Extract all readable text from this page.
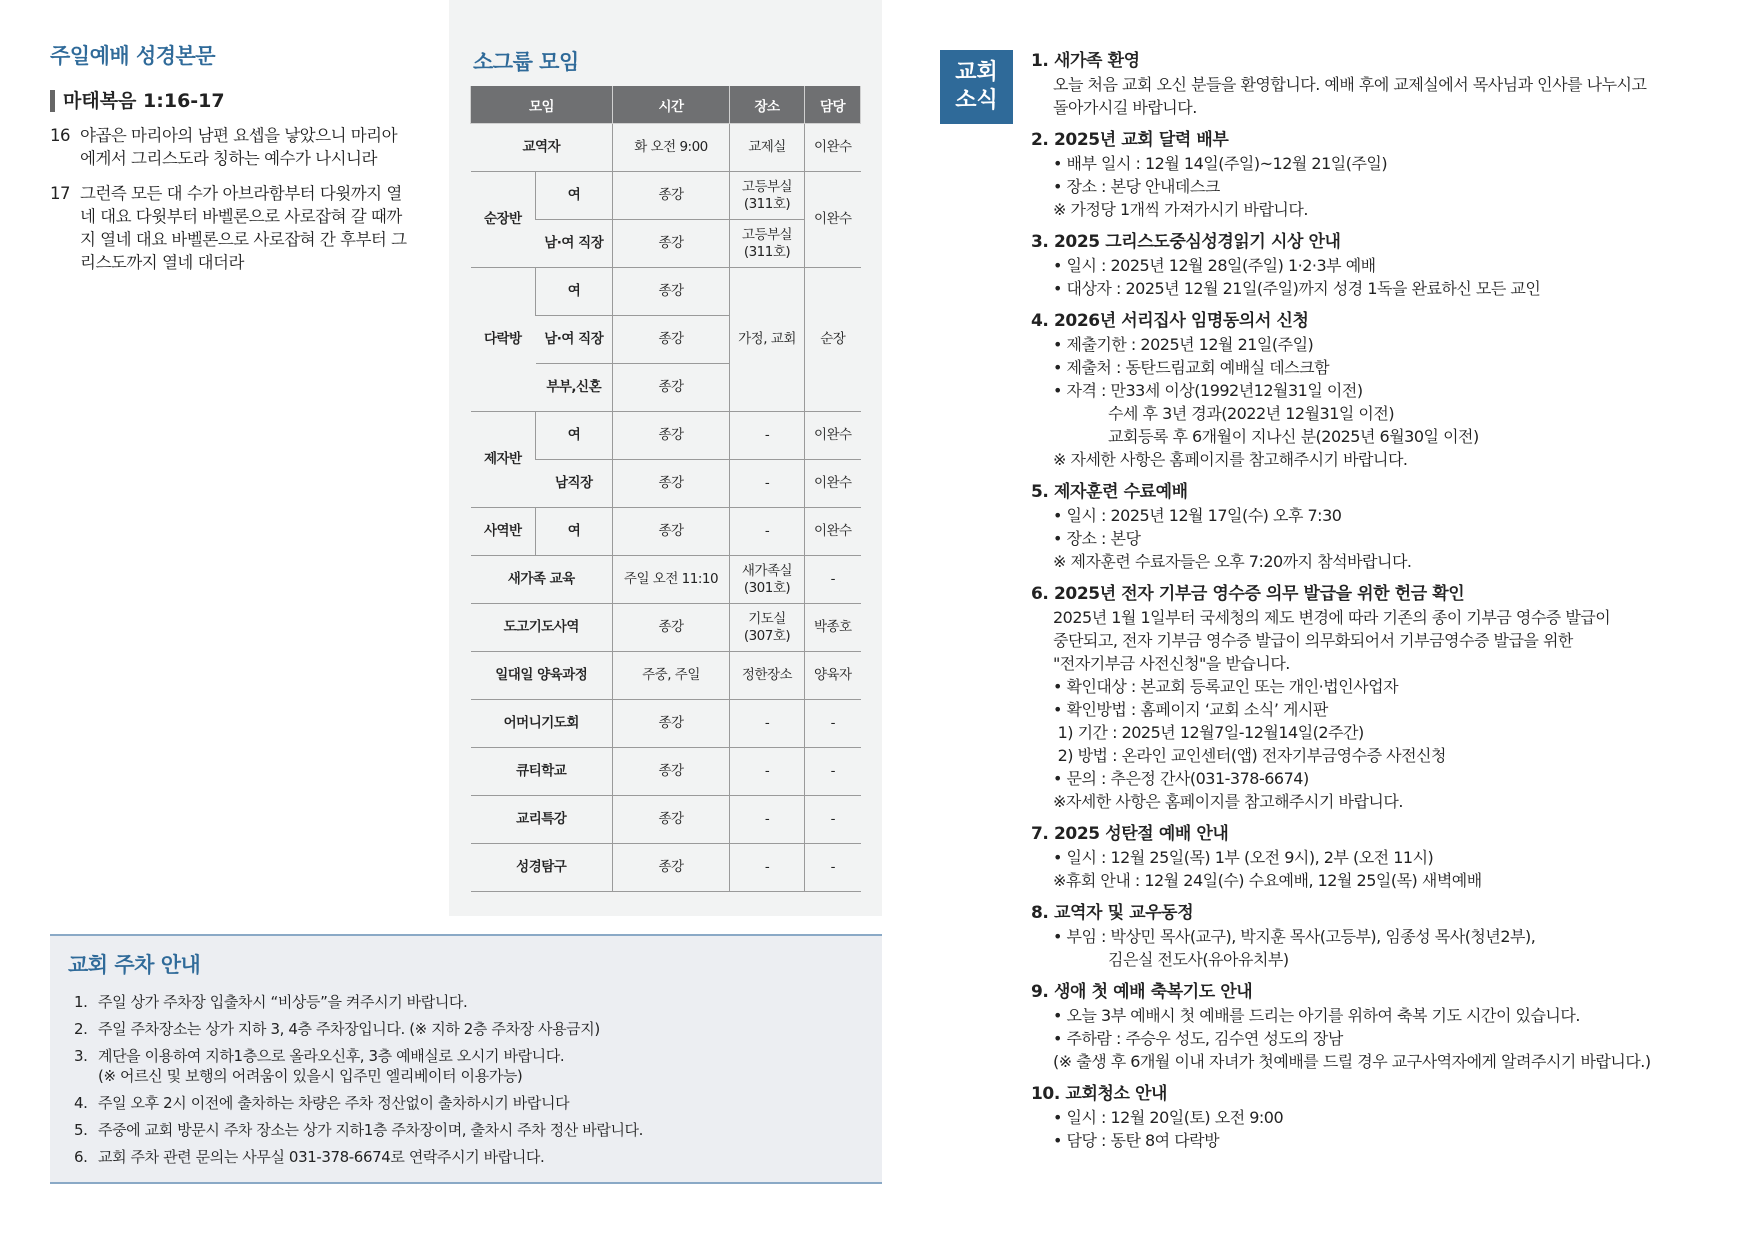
주일예배 성경본문
마태복음 1:16-17
16 야곱은 마리아의 남편 요셉을 낳았으니 마리아에게서 그리스도라 칭하는 예수가 나시니라
17 그런즉 모든 대 수가 아브라함부터 다윗까지 열네 대요 다윗부터 바벨론으로 사로잡혀 갈 때까지 열네 대요 바벨론으로 사로잡혀 간 후부터 그리스도까지 열네 대더라
소그룹 모임
모임		시간	장소	담당
교역자		화 오전 9:00	교제실	이완수
순장반	여	종강	고등부실 (311호)	이완수
	남·여 직장	종강	고등부실 (311호)	
다락방	여	종강	가정, 교회	순장
	남·여 직장	종강		
	부부,신혼	종강		
제자반	여	종강	-	이완수
	남직장	종강	-	이완수
사역반	여	종강	-	이완수
새가족 교육		주일 오전 11:10	새가족실 (301호)	-
도고기도사역		종강	기도실 (307호)	박종호
일대일 양육과정		주중, 주일	정한장소	양육자
어머니기도회		종강	-	-
큐티학교		종강	-	-
교리특강		종강	-	-
성경탐구		종강	-	-
교회 주차 안내
1. 주일 상가 주차장 입출차시 “비상등”을 켜주시기 바랍니다.
2. 주일 주차장소는 상가 지하 3, 4층 주차장입니다. (※ 지하 2층 주차장 사용금지)
3. 계단을 이용하여 지하1층으로 올라오신후, 3층 예배실로 오시기 바랍니다.
(※ 어르신 및 보행의 어려움이 있을시 입주민 엘리베이터 이용가능)
4. 주일 오후 2시 이전에 출차하는 차량은 주차 정산없이 출차하시기 바랍니다
5. 주중에 교회 방문시 주차 장소는 상가 지하1층 주차장이며, 출차시 주차 정산 바랍니다.
6. 교회 주차 관련 문의는 사무실 031-378-6674로 연락주시기 바랍니다.
교회
소식
1. 새가족 환영
오늘 처음 교회 오신 분들을 환영합니다. 예배 후에 교제실에서 목사님과 인사를 나누시고
돌아가시길 바랍니다.
2. 2025년 교회 달력 배부
• 배부 일시 : 12월 14일(주일)~12월 21일(주일)
• 장소 : 본당 안내데스크
※ 가정당 1개씩 가져가시기 바랍니다.
3. 2025 그리스도중심성경읽기 시상 안내
• 일시 : 2025년 12월 28일(주일) 1·2·3부 예배
• 대상자 : 2025년 12월 21일(주일)까지 성경 1독을 완료하신 모든 교인
4. 2026년 서리집사 임명동의서 신청
• 제출기한 : 2025년 12월 21일(주일)
• 제출처 : 동탄드림교회 예배실 데스크함
• 자격 : 만33세 이상(1992년12월31일 이전)
수세 후 3년 경과(2022년 12월31일 이전)
교회등록 후 6개월이 지나신 분(2025년 6월30일 이전)
※ 자세한 사항은 홈페이지를 참고해주시기 바랍니다.
5. 제자훈련 수료예배
• 일시 : 2025년 12월 17일(수) 오후 7:30
• 장소 : 본당
※ 제자훈련 수료자들은 오후 7:20까지 참석바랍니다.
6. 2025년 전자 기부금 영수증 의무 발급을 위한 헌금 확인
2025년 1월 1일부터 국세청의 제도 변경에 따라 기존의 종이 기부금 영수증 발급이
중단되고, 전자 기부금 영수증 발급이 의무화되어서 기부금영수증 발급을 위한
"전자기부금 사전신청"을 받습니다.
• 확인대상 : 본교회 등록교인 또는 개인·법인사업자
• 확인방법 : 홈페이지 ‘교회 소식’ 게시판
1) 기간 : 2025년 12월7일-12월14일(2주간)
2) 방법 : 온라인 교인센터(앱) 전자기부금영수증 사전신청
• 문의 : 추은정 간사(031-378-6674)
※자세한 사항은 홈페이지를 참고해주시기 바랍니다.
7. 2025 성탄절 예배 안내
• 일시 : 12월 25일(목) 1부 (오전 9시), 2부 (오전 11시)
※휴회 안내 : 12월 24일(수) 수요예배, 12월 25일(목) 새벽예배
8. 교역자 및 교우동정
• 부임 : 박상민 목사(교구), 박지훈 목사(고등부), 임종성 목사(청년2부),
김은실 전도사(유아유치부)
9. 생애 첫 예배 축복기도 안내
• 오늘 3부 예배시 첫 예배를 드리는 아기를 위하여 축복 기도 시간이 있습니다.
• 주하람 : 주승우 성도, 김수연 성도의 장남
(※ 출생 후 6개월 이내 자녀가 첫예배를 드릴 경우 교구사역자에게 알려주시기 바랍니다.)
10. 교회청소 안내
• 일시 : 12월 20일(토) 오전 9:00
• 담당 : 동탄 8여 다락방
